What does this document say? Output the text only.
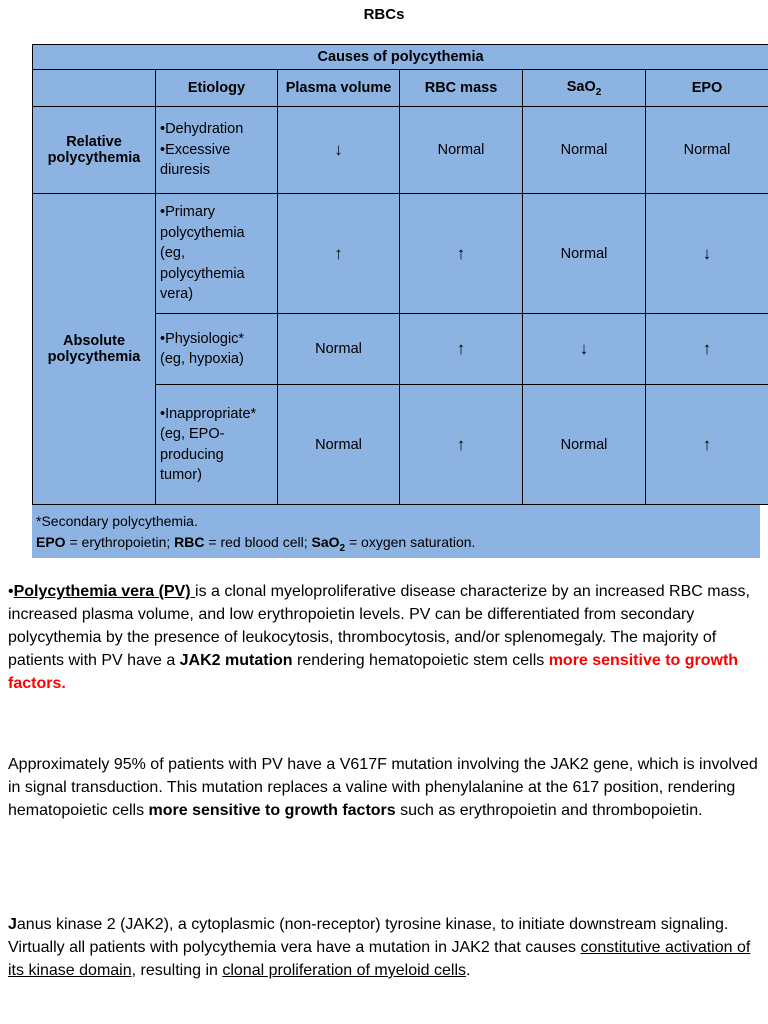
RBCs
Causes of polycythemia					
	Etiology	Plasma volume	RBC mass	SaO$_2$	EPO
Relative polycythemia	•Dehydration
•Excessive
diuresis	↓	Normal	Normal	Normal
Absolute polycythemia	•Primary
polycythemia
(eg,
polycythemia
vera)	↑	↑	Normal	↓

	•Physiologic*
(eg, hypoxia)	Normal	↑	↓	↑

	•Inappropriate*
(eg, EPO-
producing
tumor)	Normal	↑	Normal	↑
*Secondary polycythemia.
EPO = erythropoietin; RBC = red blood cell; SaO$_2$ = oxygen saturation.
•Polycythemia vera (PV) is a clonal myeloproliferative disease characterize by an increased RBC mass, increased plasma volume, and low erythropoietin levels. PV can be differentiated from secondary polycythemia by the presence of leukocytosis, thrombocytosis, and/or splenomegaly. The majority of patients with PV have a JAK2 mutation rendering hematopoietic stem cells more sensitive to growth factors.
Approximately 95% of patients with PV have a V617F mutation involving the JAK2 gene, which is involved in signal transduction. This mutation replaces a valine with phenylalanine at the 617 position, rendering hematopoietic cells more sensitive to growth factors such as erythropoietin and thrombopoietin.
Janus kinase 2 (JAK2), a cytoplasmic (non-receptor) tyrosine kinase, to initiate downstream signaling. Virtually all patients with polycythemia vera have a mutation in JAK2 that causes constitutive activation of its kinase domain, resulting in clonal proliferation of myeloid cells.
